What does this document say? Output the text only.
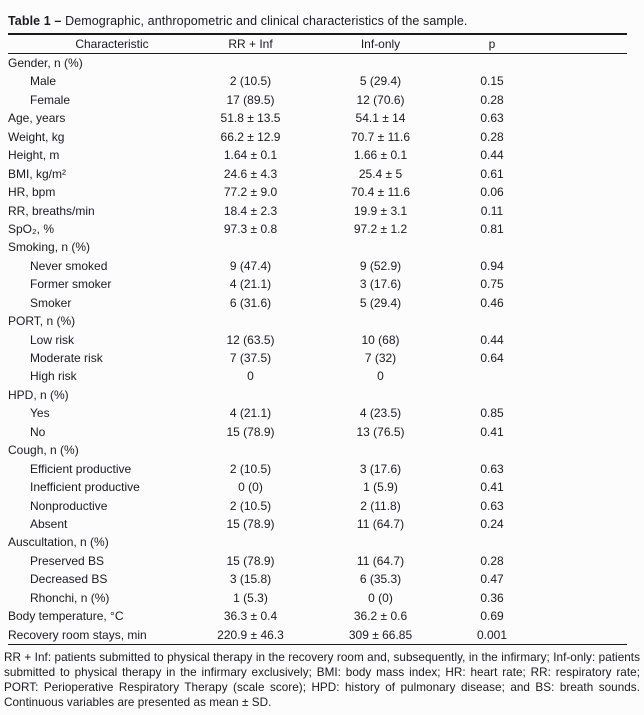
Table 1 – Demographic, anthropometric and clinical characteristics of the sample.
Characteristic	RR + Inf	Inf-only	p
Gender, n (%)
Male	2 (10.5)	5 (29.4)	0.15
Female	17 (89.5)	12 (70.6)	0.28
Age, years	51.8 ± 13.5	54.1 ± 14	0.63
Weight, kg	66.2 ± 12.9	70.7 ± 11.6	0.28
Height, m	1.64 ± 0.1	1.66 ± 0.1	0.44
BMI, kg/m²	24.6 ± 4.3	25.4 ± 5	0.61
HR, bpm	77.2 ± 9.0	70.4 ± 11.6	0.06
RR, breaths/min	18.4 ± 2.3	19.9 ± 3.1	0.11
SpO₂, %	97.3 ± 0.8	97.2 ± 1.2	0.81
Smoking, n (%)
Never smoked	9 (47.4)	9 (52.9)	0.94
Former smoker	4 (21.1)	3 (17.6)	0.75
Smoker	6 (31.6)	5 (29.4)	0.46
PORT, n (%)
Low risk	12 (63.5)	10 (68)	0.44
Moderate risk	7 (37.5)	7 (32)	0.64
High risk	0	0
HPD, n (%)
Yes	4 (21.1)	4 (23.5)	0.85
No	15 (78.9)	13 (76.5)	0.41
Cough, n (%)
Efficient productive	2 (10.5)	3 (17.6)	0.63
Inefficient productive	0 (0)	1 (5.9)	0.41
Nonproductive	2 (10.5)	2 (11.8)	0.63
Absent	15 (78.9)	11 (64.7)	0.24
Auscultation, n (%)
Preserved BS	15 (78.9)	11 (64.7)	0.28
Decreased BS	3 (15.8)	6 (35.3)	0.47
Rhonchi, n (%)	1 (5.3)	0 (0)	0.36
Body temperature, °C	36.3 ± 0.4	36.2 ± 0.6	0.69
Recovery room stays, min	220.9 ± 46.3	309 ± 66.85	0.001
RR + Inf: patients submitted to physical therapy in the recovery room and, subsequently, in the infirmary; Inf-only: patients submitted to physical therapy in the infirmary exclusively; BMI: body mass index; HR: heart rate; RR: respiratory rate; PORT: Perioperative Respiratory Therapy (scale score); HPD: history of pulmonary disease; and BS: breath sounds. Continuous variables are presented as mean ± SD.
